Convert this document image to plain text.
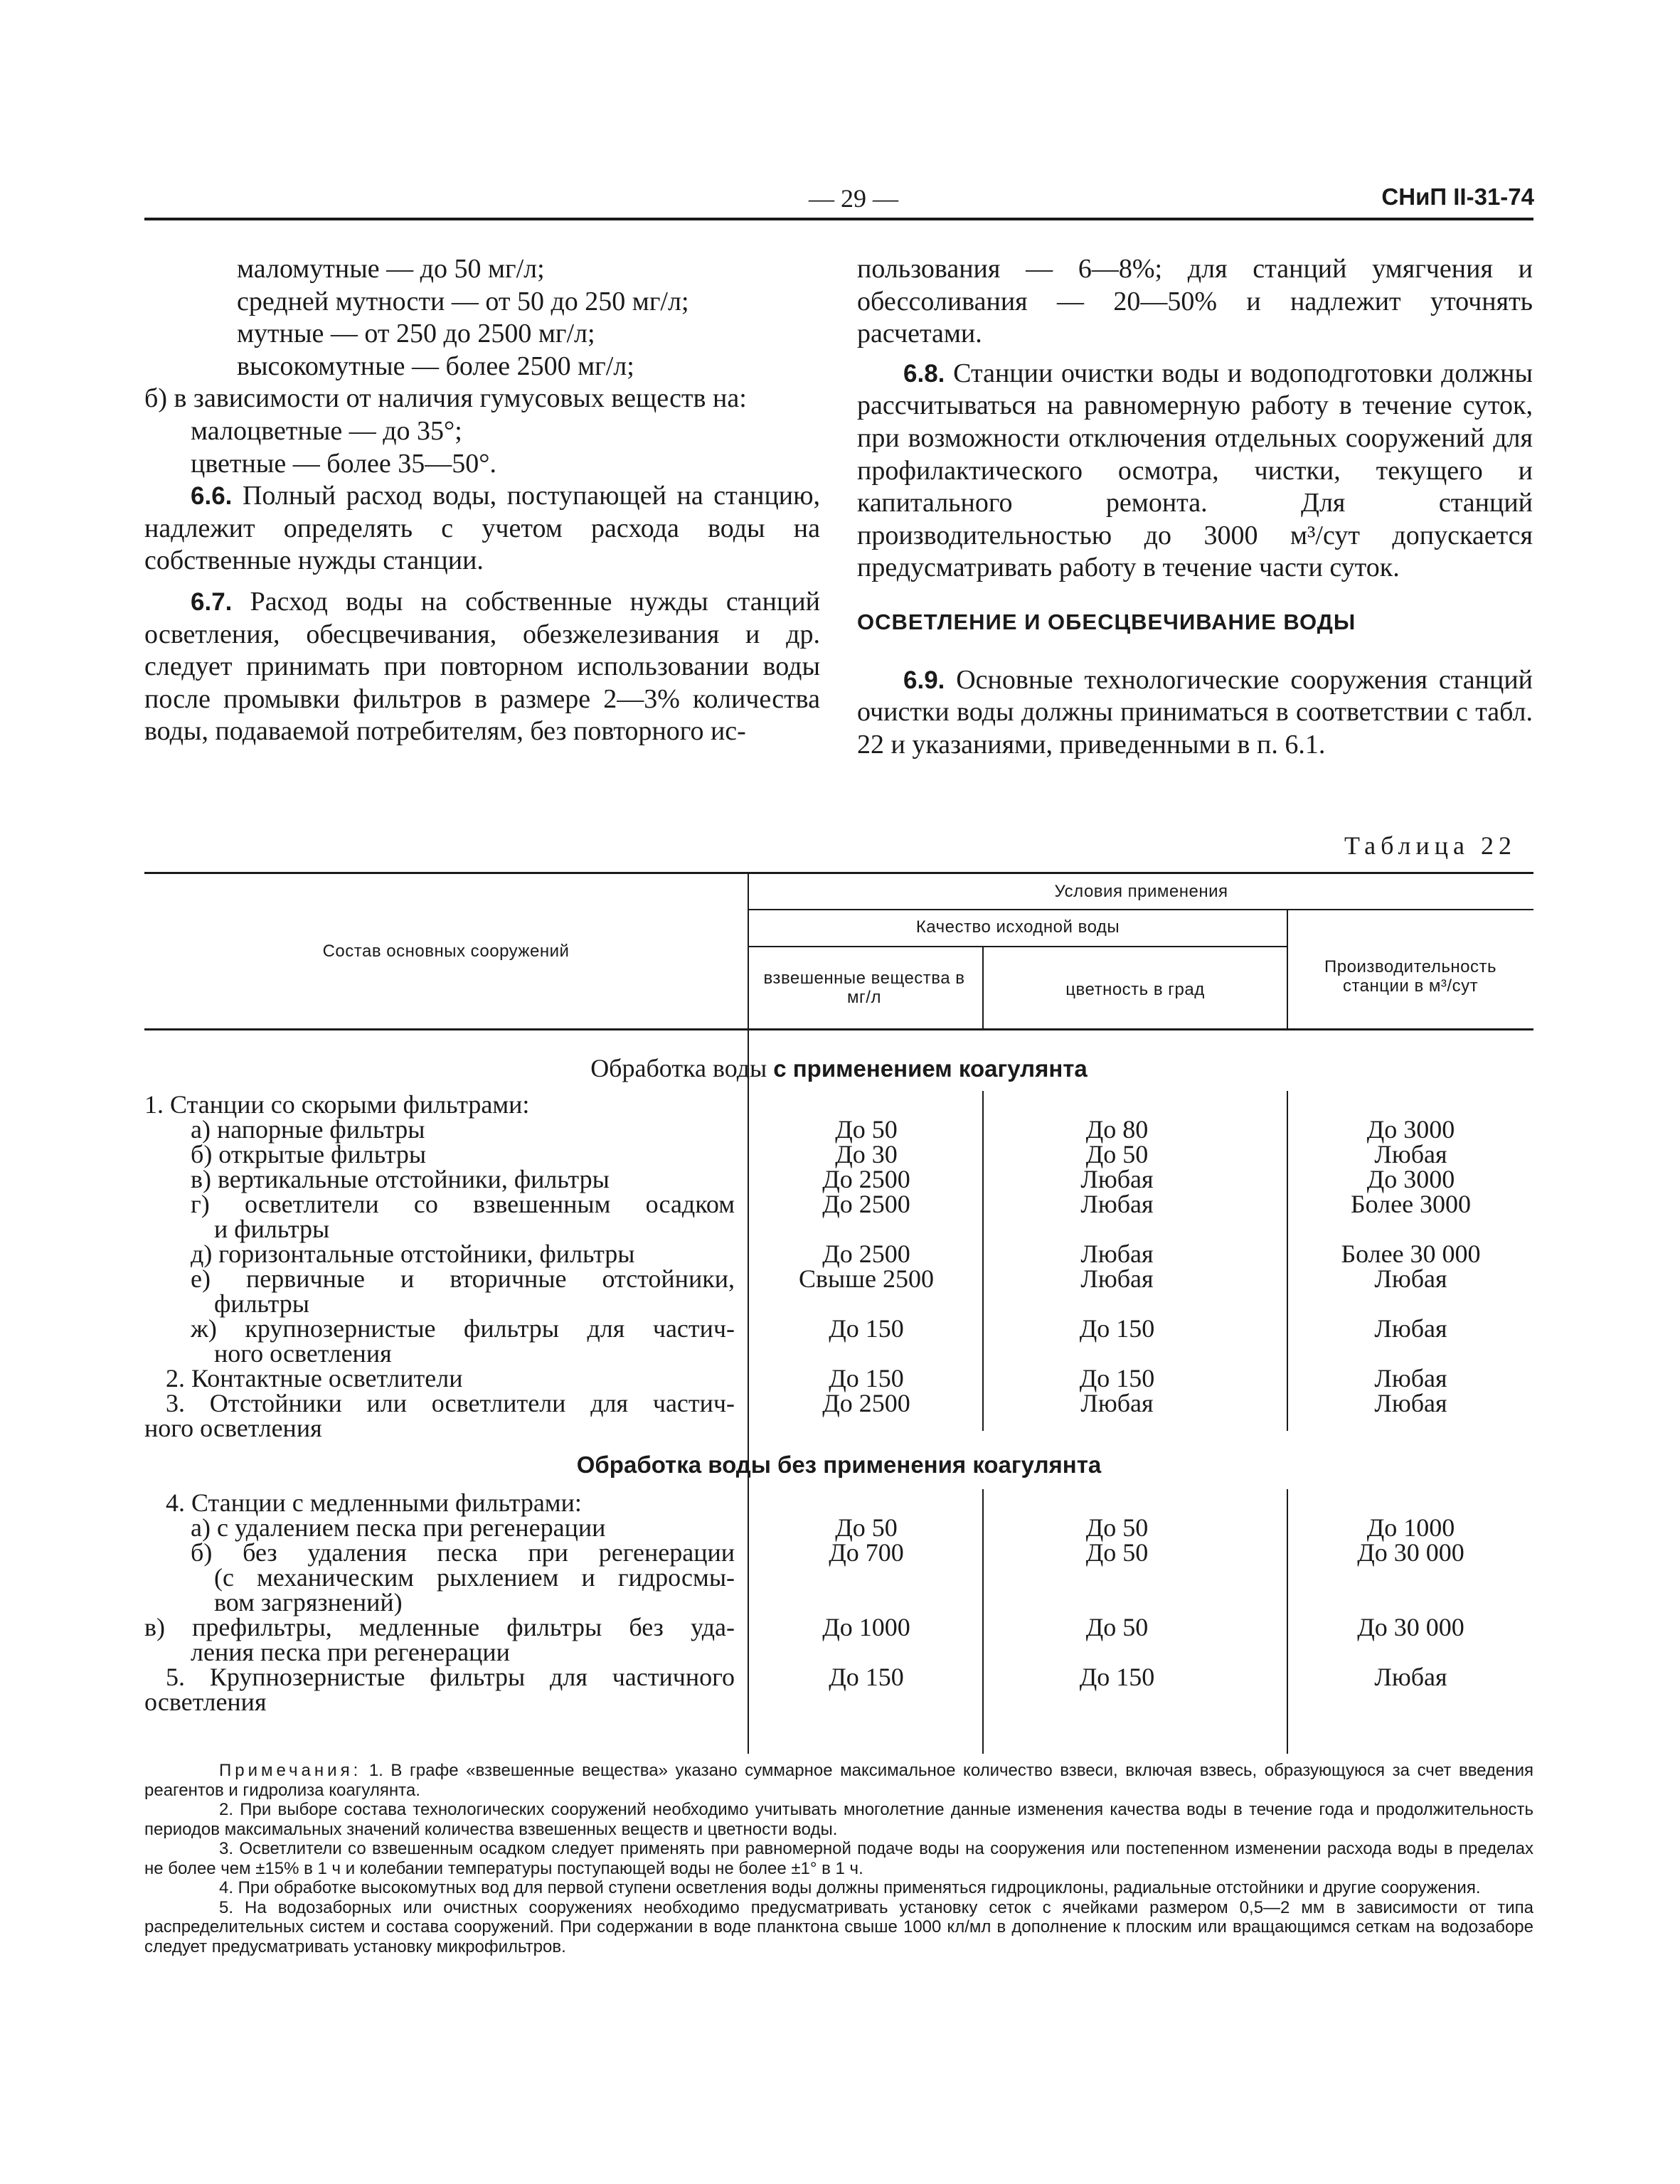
— 29 —	СНиП II-31-74

маломутные — до 50 мг/л;

средней мутности — от 50 до 250 мг/л;

мутные — от 250 до 2500 мг/л;

высокомутные — более 2500 мг/л;

б) в зависимости от наличия гумусовых веществ на:

малоцветные — до 35°;

цветные — более 35—50°.

6.6. Полный расход воды, поступающей на станцию, надлежит определять с учетом расхода воды на собственные нужды станции.

6.7. Расход воды на собственные нужды станций осветления, обесцвечивания, обезжелезивания и др. следует принимать при повторном использовании воды после промывки фильтров в размере 2—3% количества воды, подаваемой потребителям, без повторного ис-

пользования — 6—8%; для станций умягчения и обессоливания — 20—50% и надлежит уточнять расчетами.

6.8. Станции очистки воды и водоподготовки должны рассчитываться на равномерную работу в течение суток, при возможности отключения отдельных сооружений для профилактического осмотра, чистки, текущего и капитального ремонта. Для станций производительностью до 3000 м³/сут допускается предусматривать работу в течение части суток.

ОСВЕТЛЕНИЕ И ОБЕСЦВЕЧИВАНИЕ ВОДЫ

6.9. Основные технологические сооружения станций очистки воды должны приниматься в соответствии с табл. 22 и указаниями, приведенными в п. 6.1.

Таблица 22
Состав основных сооружений
Условия применения
Качество исходной воды
взвешенные вещества в мг/л	цветность в град
Производительность станции в м³/сут
Обработка воды с применением коагулянта
1. Станции со скорыми фильтрами:
а) напорные фильтры	До 50	До 80	До 3000
б) открытые фильтры	До 30	До 50	Любая
в) вертикальные отстойники, фильтры	До 2500	Любая	До 3000
г) осветлители со взвешенным осадком
и фильтры
До 2500	Любая	Более 3000
д) горизонтальные отстойники, фильтры	До 2500	Любая	Более 30 000
е) первичные и вторичные отстойники,
фильтры
Свыше 2500	Любая	Любая
ж) крупнозернистые фильтры для частич-
ного осветления
До 150	До 150	Любая
2. Контактные осветлители	До 150	До 150	Любая
3. Отстойники или осветлители для частич-
ного осветления
До 2500	Любая	Любая
Обработка воды без применения коагулянта
4. Станции с медленными фильтрами:
а) с удалением песка при регенерации	До 50	До 50	До 1000
б) без удаления песка при регенерации
(с механическим рыхлением и гидросмы-
вом загрязнений)
До 700	До 50	До 30 000
в) префильтры, медленные фильтры без уда-
ления песка при регенерации
До 1000	До 50	До 30 000
5. Крупнозернистые фильтры для частичного
осветления
До 150	До 150	Любая

Примечания: 1. В графе «взвешенные вещества» указано суммарное максимальное количество взвеси, включая взвесь, образующуюся за счет введения реагентов и гидролиза коагулянта.

2. При выборе состава технологических сооружений необходимо учитывать многолетние данные изменения качества воды в течение года и продолжительность периодов максимальных значений количества взвешенных веществ и цветности воды.

3. Осветлители со взвешенным осадком следует применять при равномерной подаче воды на сооружения или постепенном изменении расхода воды в пределах не более чем ±15% в 1 ч и колебании температуры поступающей воды не более ±1° в 1 ч.

4. При обработке высокомутных вод для первой ступени осветления воды должны применяться гидроциклоны, радиальные отстойники и другие сооружения.

5. На водозаборных или очистных сооружениях необходимо предусматривать установку сеток с ячейками размером 0,5—2 мм в зависимости от типа распределительных систем и состава сооружений. При содержании в воде планктона свыше 1000 кл/мл в дополнение к плоским или вращающимся сеткам на водозаборе следует предусматривать установку микрофильтров.
